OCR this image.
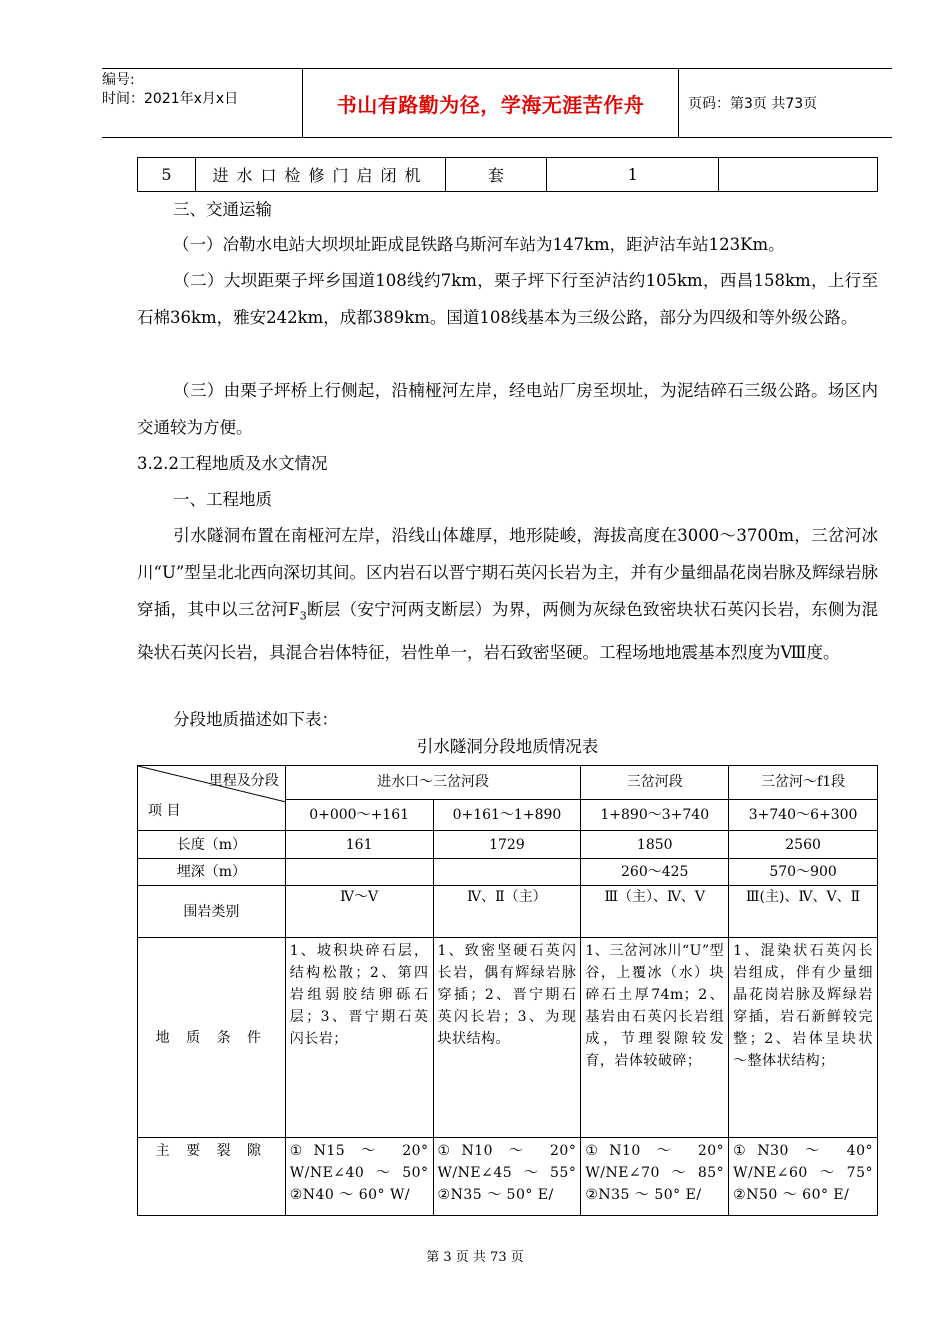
编号:
时间：2021年x月x日	书山有路勤为径，学海无涯苦作舟	页码：第3页 共73页
5	进水口检修门启闭机	套	1	
三、交通运输
（一）冶勒水电站大坝坝址距成昆铁路乌斯河车站为147km，距泸沽车站123Km。
（二）大坝距栗子坪乡国道108线约7km，栗子坪下行至泸沽约105km，西昌158km，上行至石棉36km，雅安242km，成都389km。国道108线基本为三级公路，部分为四级和等外级公路。
（三）由栗子坪桥上行侧起，沿楠桠河左岸，经电站厂房至坝址，为泥结碎石三级公路。场区内交通较为方便。
3.2.2工程地质及水文情况
一、工程地质
引水隧洞布置在南桠河左岸，沿线山体雄厚，地形陡峻，海拔高度在3000～3700m，三岔河冰川“U”型呈北北西向深切其间。区内岩石以晋宁期石英闪长岩为主，并有少量细晶花岗岩脉及辉绿岩脉穿插，其中以三岔河$F_3$断层（安宁河两支断层）为界，两侧为灰绿色致密块状石英闪长岩，东侧为混染状石英闪长岩，具混合岩体特征，岩性单一，岩石致密坚硬。工程场地地震基本烈度为Ⅷ度。
分段地质描述如下表：
引水隧洞分段地质情况表
里程及分段
项 目	进水口～三岔河段		三岔河段	三岔河～f1段
	0+000～+161	0+161～1+890	1+890～3+740	3+740～6+300
长度（m）	161	1729	1850	2560
埋深（m）			260～425	570～900
围岩类别	Ⅳ～Ⅴ	Ⅳ、Ⅱ（主）	Ⅲ（主）、Ⅳ、Ⅴ	Ⅲ(主)、Ⅳ、Ⅴ、Ⅱ
地 质 条 件	1、坡积块碎石层，结构松散；2、第四岩组弱胶结卵砾石层；3、晋宁期石英闪长岩；	1、致密坚硬石英闪长岩，偶有辉绿岩脉穿插；2、晋宁期石英闪长岩；3、为现块状结构。	1、三岔河冰川“U”型谷，上覆冰（水）块碎石土厚74m；2、基岩由石英闪长岩组成，节理裂隙较发育，岩体较破碎；	1、混染状石英闪长岩组成，伴有少量细晶花岗岩脉及辉绿岩穿插，岩石新鲜较完整；2、岩体呈块状～整体状结构；
主 要 裂 隙	①N15 ～ 20° W/NE∠40～50° ②N40 ～ 60° W/	①N10 ～ 20° W/NE∠45～55° ②N35 ～ 50° E/	①N10 ～ 20° W/NE∠70～85° ②N35 ～ 50° E/	①N30 ～ 40° W/NE∠60～75° ②N50 ～ 60° E/
第 3 页 共 73 页
